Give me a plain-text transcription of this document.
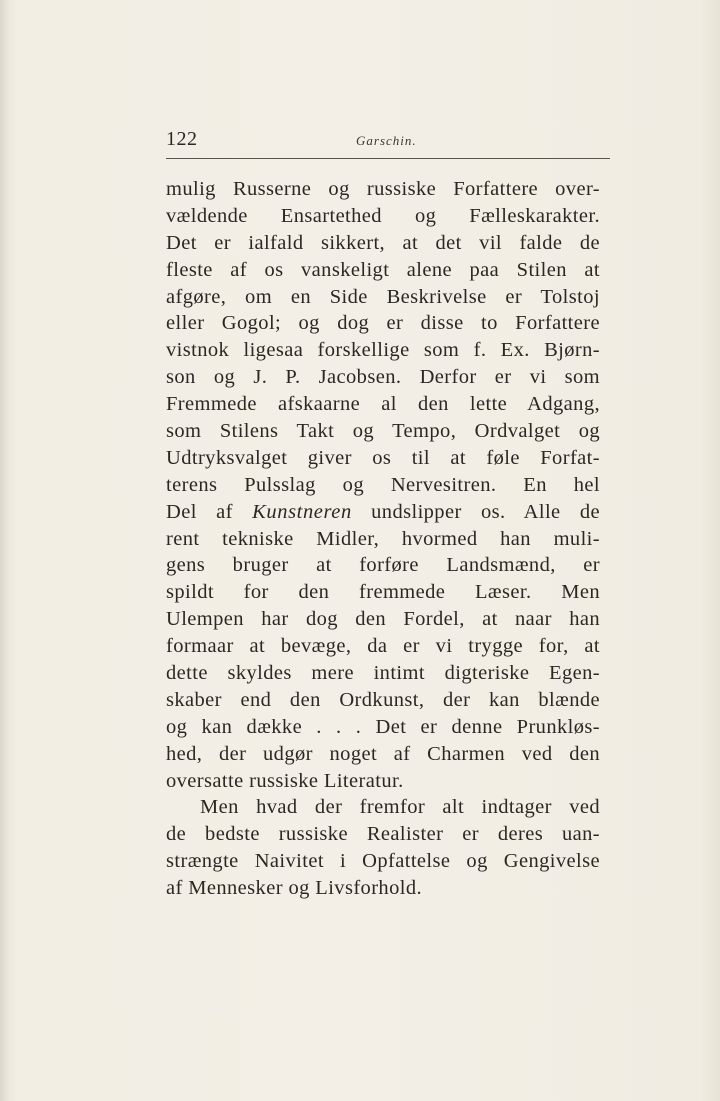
122	Garschin.
mulig Russerne og russiske Forfattere over-
vældende Ensartethed og Fælleskarakter.
Det er ialfald sikkert, at det vil falde de
fleste af os vanskeligt alene paa Stilen at
afgøre, om en Side Beskrivelse er Tolstoj
eller Gogol; og dog er disse to Forfattere
vistnok ligesaa forskellige som f. Ex. Bjørn-
son og J. P. Jacobsen. Derfor er vi som
Fremmede afskaarne al den lette Adgang,
som Stilens Takt og Tempo, Ordvalget og
Udtryksvalget giver os til at føle Forfat-
terens Pulsslag og Nervesitren. En hel
Del af Kunstneren undslipper os. Alle de
rent tekniske Midler, hvormed han muli-
gens bruger at forføre Landsmænd, er
spildt for den fremmede Læser. Men
Ulempen har dog den Fordel, at naar han
formaar at bevæge, da er vi trygge for, at
dette skyldes mere intimt digteriske Egen-
skaber end den Ordkunst, der kan blænde
og kan dække . . . Det er denne Prunkløs-
hed, der udgør noget af Charmen ved den
oversatte russiske Literatur.
Men hvad der fremfor alt indtager ved
de bedste russiske Realister er deres uan-
strængte Naivitet i Opfattelse og Gengivelse
af Mennesker og Livsforhold.
